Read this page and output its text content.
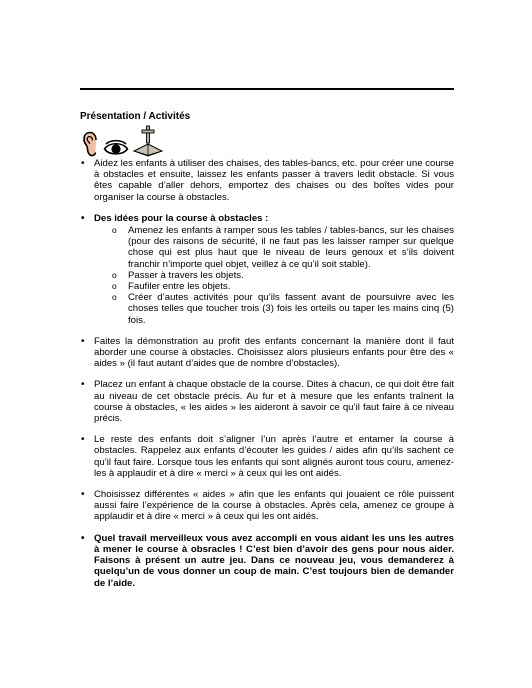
Présentation / Activités

• Aidez les enfants à utiliser des chaises, des tables-bancs, etc. pour créer une course à obstacles et ensuite, laissez les enfants passer à travers ledit obstacle. Si vous êtes capable d’aller dehors, emportez des chaises ou des boîtes vides pour organiser la course à obstacles.

• Des idées pour la course à obstacles :
o Amenez les enfants à ramper sous les tables / tables-bancs, sur les chaises (pour des raisons de sécurité, il ne faut pas les laisser ramper sur quelque chose qui est plus haut que le niveau de leurs genoux et s’ils doivent franchir n’importe quel objet, veillez à ce qu’il soit stable).
o Passer à travers les objets.
o Faufiler entre les objets.
o Créer d’autes activités pour qu’ils fassent avant de poursuivre avec les choses telles que toucher trois (3) fois les orteils ou taper les mains cinq (5) fois.

• Faites la démonstration au profit des enfants concernant la manière dont il faut aborder une course à obstacles. Choisissez alors plusieurs enfants pour être des « aides » (il faut autant d’aides que de nombre d’obstacles).

• Placez un enfant à chaque obstacle de la course. Dites à chacun, ce qui doit être fait au niveau de cet obstacle précis. Au fur et à mesure que les enfants traînent la course à obstacles, « les aides » les aideront à savoir ce qu’il faut faire à ce niveau précis.

• Le reste des enfants doit s’aligner l’un après l’autre et entamer la course à obstacles. Rappelez aux enfants d’écouter les guides / aides afin qu’ils sachent ce qu’il faut faire. Lorsque tous les enfants qui sont alignés auront tous couru, amenez-les à applaudir et à dire « merci » à ceux qui les ont aidés.

• Choisissez différentes « aides » afin que les enfants qui jouaient ce rôle puissent aussi faire l’expérience de la course à obstacles. Après cela, amenez ce groupe à applaudir et à dire « merci » à ceux qui les ont aidés.

• Quel travail merveilleux vous avez accompli en vous aidant les uns les autres à mener le course à obsracles ! C’est bien d’avoir des gens pour nous aider. Faisons à présent un autre jeu. Dans ce nouveau jeu, vous demanderez à quelqu’un de vous donner un coup de main. C’est toujours bien de demander de l’aide.
